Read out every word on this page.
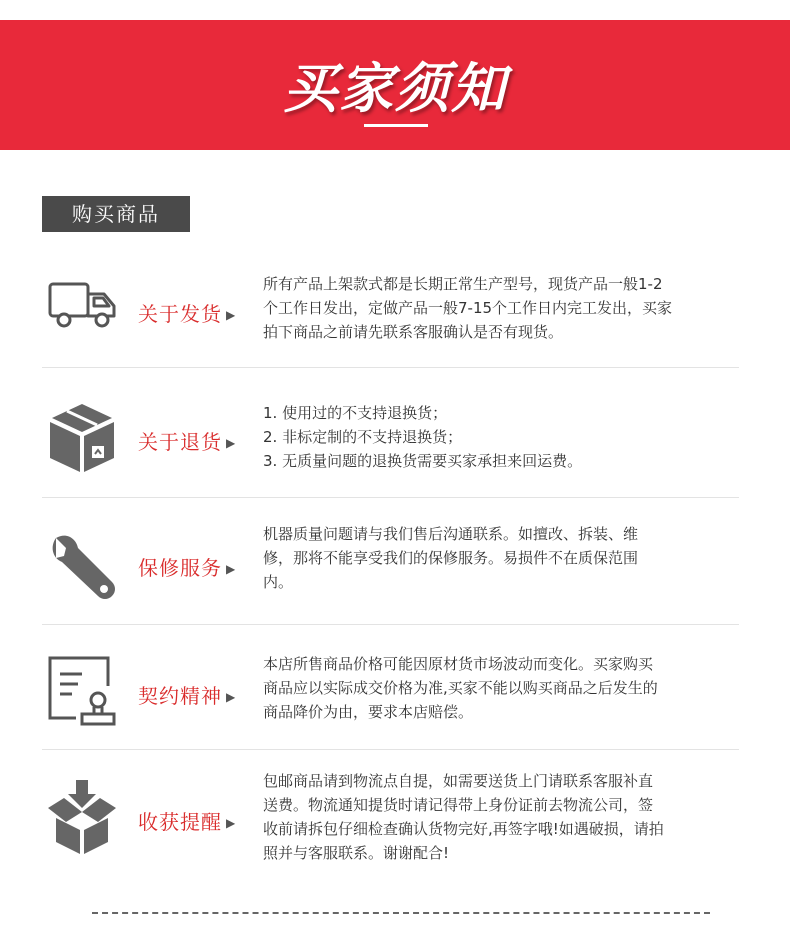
买家须知
购买商品
关于发货 ▶
所有产品上架款式都是长期正常生产型号，现货产品一般1-2
个工作日发出，定做产品一般7-15个工作日内完工发出，买家
拍下商品之前请先联系客服确认是否有现货。
关于退货 ▶
1. 使用过的不支持退换货；
2. 非标定制的不支持退换货；
3. 无质量问题的退换货需要买家承担来回运费。
保修服务 ▶
机器质量问题请与我们售后沟通联系。如擅改、拆装、维
修，那将不能享受我们的保修服务。易损件不在质保范围
内。
契约精神 ▶
本店所售商品价格可能因原材货市场波动而变化。买家购买
商品应以实际成交价格为准,买家不能以购买商品之后发生的
商品降价为由，要求本店赔偿。
收获提醒 ▶
包邮商品请到物流点自提，如需要送货上门请联系客服补直
送费。物流通知提货时请记得带上身份证前去物流公司，签
收前请拆包仔细检查确认货物完好,再签字哦!如遇破损，请拍
照并与客服联系。谢谢配合!
